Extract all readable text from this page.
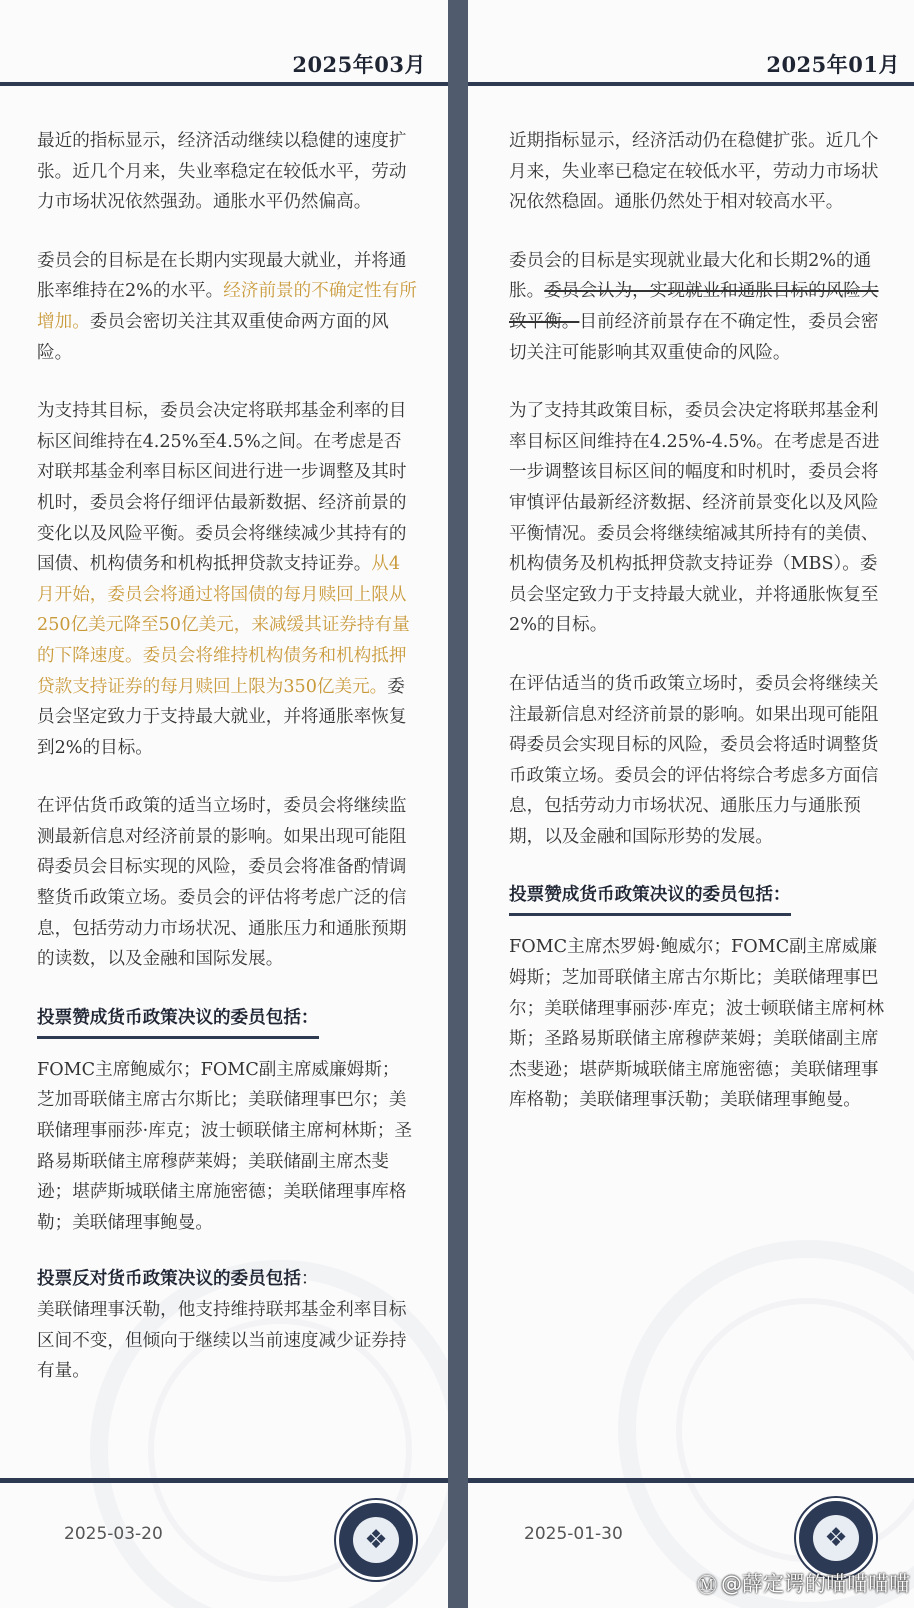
2025年03月

最近的指标显示，经济活动继续以稳健的速度扩张。近几个月来，失业率稳定在较低水平，劳动力市场状况依然强劲。通胀水平仍然偏高。

委员会的目标是在长期内实现最大就业，并将通胀率维持在2%的水平。经济前景的不确定性有所增加。委员会密切关注其双重使命两方面的风险。

为支持其目标，委员会决定将联邦基金利率的目标区间维持在4.25%至4.5%之间。在考虑是否对联邦基金利率目标区间进行进一步调整及其时机时，委员会将仔细评估最新数据、经济前景的变化以及风险平衡。委员会将继续减少其持有的国债、机构债务和机构抵押贷款支持证券。从4月开始，委员会将通过将国债的每月赎回上限从250亿美元降至50亿美元，来减缓其证券持有量的下降速度。委员会将维持机构债务和机构抵押贷款支持证券的每月赎回上限为350亿美元。委员会坚定致力于支持最大就业，并将通胀率恢复到2%的目标。

在评估货币政策的适当立场时，委员会将继续监测最新信息对经济前景的影响。如果出现可能阻碍委员会目标实现的风险，委员会将准备酌情调整货币政策立场。委员会的评估将考虑广泛的信息，包括劳动力市场状况、通胀压力和通胀预期的读数，以及金融和国际发展。

投票赞成货币政策决议的委员包括：

FOMC主席鲍威尔；FOMC副主席威廉姆斯；芝加哥联储主席古尔斯比；美联储理事巴尔；美联储理事丽莎·库克；波士顿联储主席柯林斯；圣路易斯联储主席穆萨莱姆；美联储副主席杰斐逊；堪萨斯城联储主席施密德；美联储理事库格勒；美联储理事鲍曼。

投票反对货币政策决议的委员包括：
美联储理事沃勒，他支持维持联邦基金利率目标区间不变，但倾向于继续以当前速度减少证券持有量。
2025-03-20	❖
2025年01月

近期指标显示，经济活动仍在稳健扩张。近几个月来，失业率已稳定在较低水平，劳动力市场状况依然稳固。通胀仍然处于相对较高水平。

委员会的目标是实现就业最大化和长期2%的通胀。委员会认为，实现就业和通胀目标的风险大致平衡。目前经济前景存在不确定性，委员会密切关注可能影响其双重使命的风险。

为了支持其政策目标，委员会决定将联邦基金利率目标区间维持在4.25%-4.5%。在考虑是否进一步调整该目标区间的幅度和时机时，委员会将审慎评估最新经济数据、经济前景变化以及风险平衡情况。委员会将继续缩减其所持有的美债、机构债务及机构抵押贷款支持证券（MBS）。委员会坚定致力于支持最大就业，并将通胀恢复至2%的目标。

在评估适当的货币政策立场时，委员会将继续关注最新信息对经济前景的影响。如果出现可能阻碍委员会实现目标的风险，委员会将适时调整货币政策立场。委员会的评估将综合考虑多方面信息，包括劳动力市场状况、通胀压力与通胀预期，以及金融和国际形势的发展。

投票赞成货币政策决议的委员包括：

FOMC主席杰罗姆·鲍威尔；FOMC副主席威廉姆斯；芝加哥联储主席古尔斯比；美联储理事巴尔；美联储理事丽莎·库克；波士顿联储主席柯林斯；圣路易斯联储主席穆萨莱姆；美联储副主席杰斐逊；堪萨斯城联储主席施密德；美联储理事库格勒；美联储理事沃勒；美联储理事鲍曼。

2025-01-30	❖
Ⓜ @薛定谔的喵喵喵喵
